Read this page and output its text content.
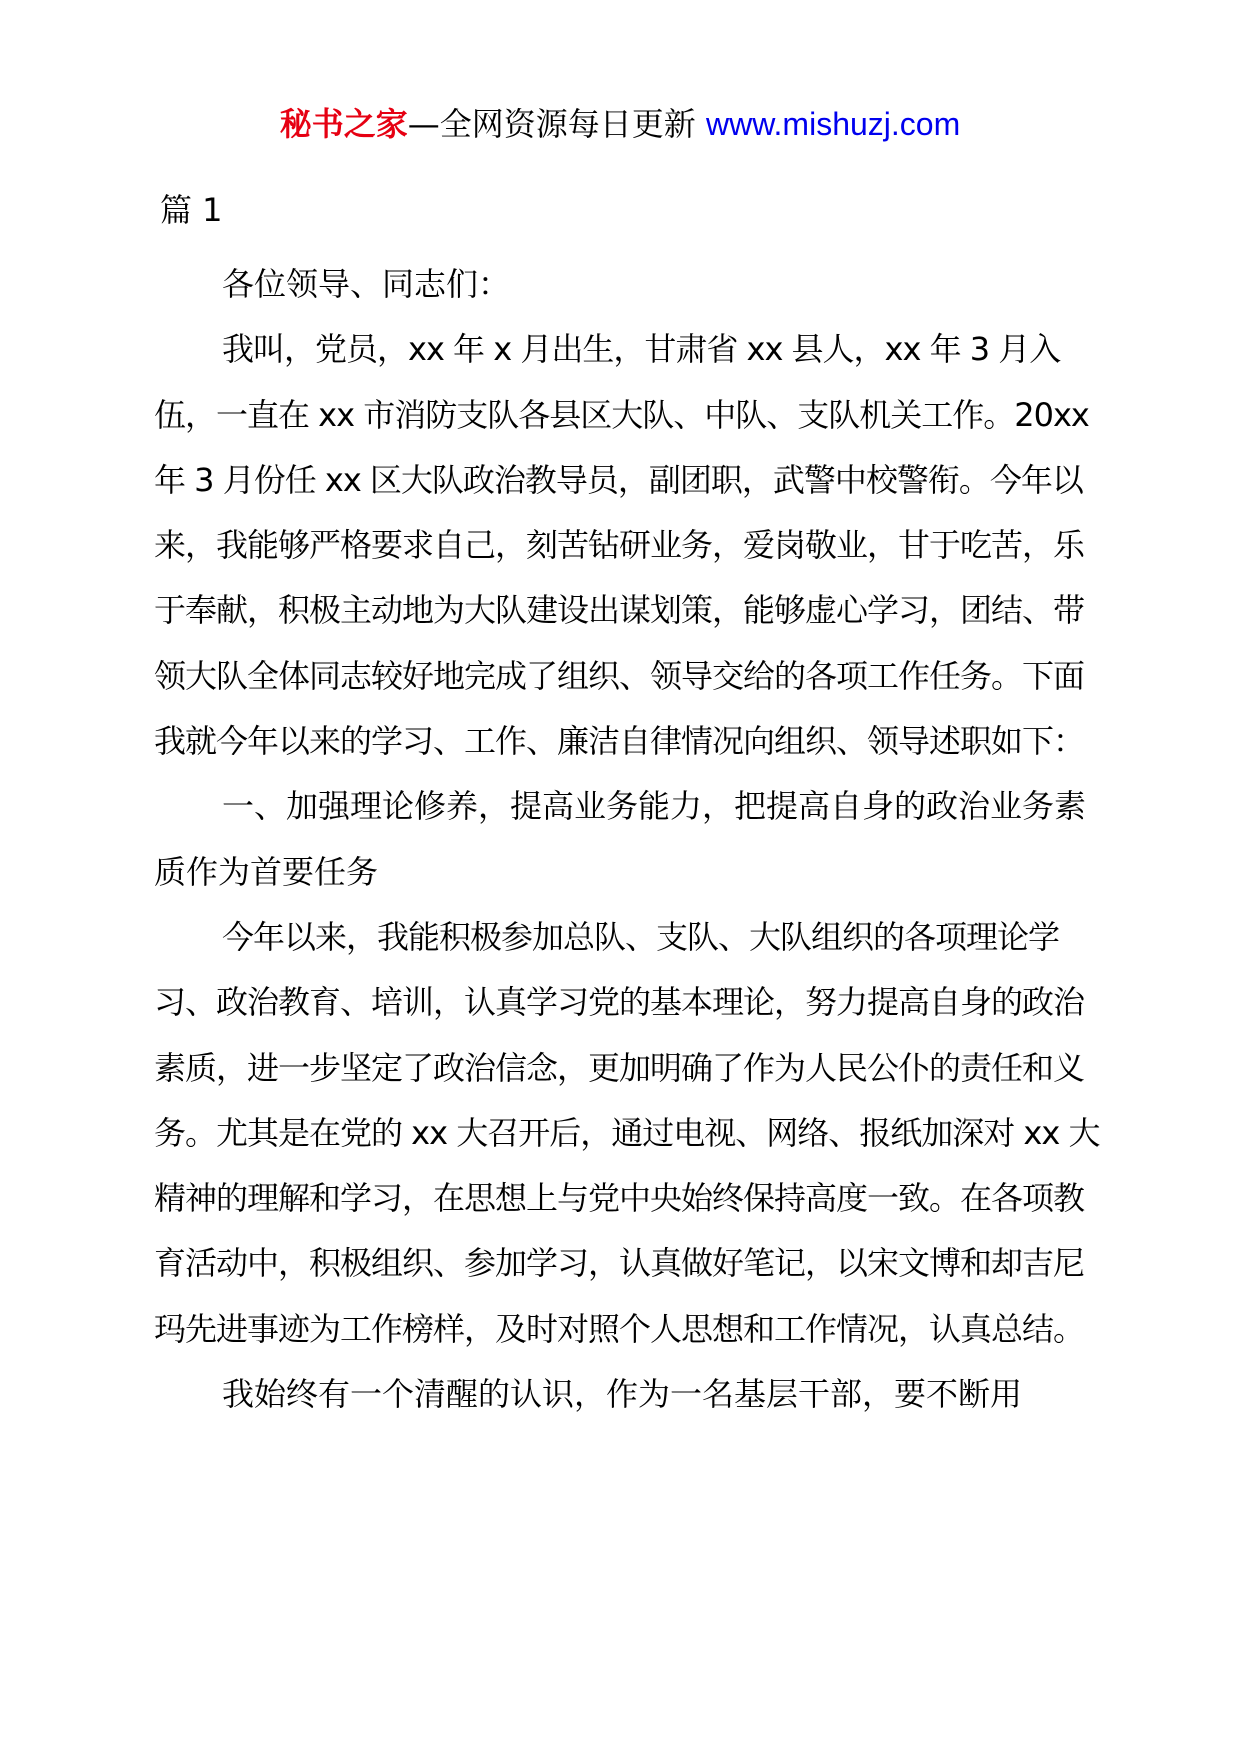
秘书之家—全网资源每日更新 www.mishuzj.com
篇 1

各位领导、同志们：

我叫，党员，xx 年 x 月出生，甘肃省 xx 县人，xx 年 3 月入伍，一直在 xx 市消防支队各县区大队、中队、支队机关工作。20xx 年 3 月份任 xx 区大队政治教导员，副团职，武警中校警衔。今年以来，我能够严格要求自己，刻苦钻研业务，爱岗敬业，甘于吃苦，乐于奉献，积极主动地为大队建设出谋划策，能够虚心学习，团结、带领大队全体同志较好地完成了组织、领导交给的各项工作任务。下面我就今年以来的学习、工作、廉洁自律情况向组织、领导述职如下：

一、加强理论修养，提高业务能力，把提高自身的政治业务素质作为首要任务

今年以来，我能积极参加总队、支队、大队组织的各项理论学习、政治教育、培训，认真学习党的基本理论，努力提高自身的政治素质，进一步坚定了政治信念，更加明确了作为人民公仆的责任和义务。尤其是在党的 xx 大召开后，通过电视、网络、报纸加深对 xx 大精神的理解和学习，在思想上与党中央始终保持高度一致。在各项教育活动中，积极组织、参加学习，认真做好笔记，以宋文博和却吉尼玛先进事迹为工作榜样，及时对照个人思想和工作情况，认真总结。

我始终有一个清醒的认识，作为一名基层干部，要不断用
